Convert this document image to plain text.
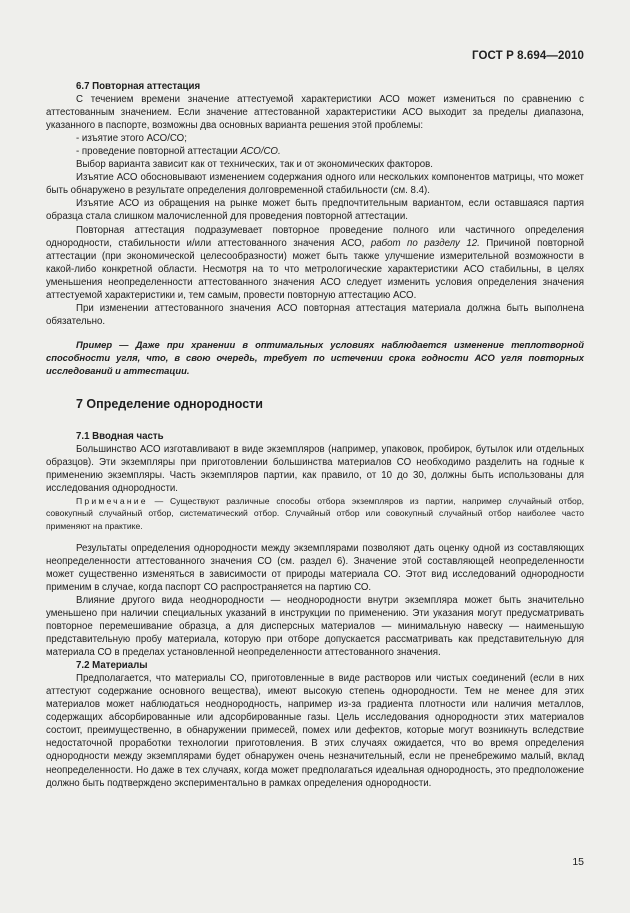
ГОСТ Р 8.694—2010

6.7 Повторная аттестация

С течением времени значение аттестуемой характеристики АСО может измениться по сравнению с аттестованным значением. Если значение аттестованной характеристики АСО выходит за пределы диапазона, указанного в паспорте, возможны два основных варианта решения этой проблемы:

- изъятие этого АСО/СО;

- проведение повторной аттестации АСО/СО.

Выбор варианта зависит как от технических, так и от экономических факторов.

Изъятие АСО обосновывают изменением содержания одного или нескольких компонентов матрицы, что может быть обнаружено в результате определения долговременной стабильности (см. 8.4).

Изъятие АСО из обращения на рынке может быть предпочтительным вариантом, если оставшаяся партия образца стала слишком малочисленной для проведения повторной аттестации.

Повторная аттестация подразумевает повторное проведение полного или частичного определения однородности, стабильности и/или аттестованного значения АСО, работ по разделу 12. Причиной повторной аттестации (при экономической целесообразности) может быть также улучшение измерительной возможности в какой-либо конкретной области. Несмотря на то что метрологические характеристики АСО стабильны, в целях уменьшения неопределенности аттестованного значения АСО следует изменить условия определения значения аттестуемой характеристики и, тем самым, провести повторную аттестацию АСО.

При изменении аттестованного значения АСО повторная аттестация материала должна быть выполнена обязательно.

Пример — Даже при хранении в оптимальных условиях наблюдается изменение теплотворной способности угля, что, в свою очередь, требует по истечении срока годности АСО угля повторных исследований и аттестации.

7 Определение однородности

7.1 Вводная часть

Большинство АСО изготавливают в виде экземпляров (например, упаковок, пробирок, бутылок или отдельных образцов). Эти экземпляры при приготовлении большинства материалов СО необходимо разделить на годные к применению экземпляры. Часть экземпляров партии, как правило, от 10 до 30, должны быть использованы для исследования однородности.

Примечание — Существуют различные способы отбора экземпляров из партии, например случайный отбор, совокупный случайный отбор, систематический отбор. Случайный отбор или совокупный случайный отбор наиболее часто применяют на практике.

Результаты определения однородности между экземплярами позволяют дать оценку одной из составляющих неопределенности аттестованного значения СО (см. раздел 6). Значение этой составляющей неопределенности может существенно изменяться в зависимости от природы материала СО. Этот вид исследований однородности применим в случае, когда паспорт СО распространяется на партию СО.

Влияние другого вида неоднородности — неоднородности внутри экземпляра может быть значительно уменьшено при наличии специальных указаний в инструкции по применению. Эти указания могут предусматривать повторное перемешивание образца, а для дисперсных материалов — минимальную навеску — наименьшую представительную пробу материала, которую при отборе допускается рассматривать как представительную для материала СО в пределах установленной неопределенности аттестованного значения.

7.2 Материалы

Предполагается, что материалы СО, приготовленные в виде растворов или чистых соединений (если в них аттестуют содержание основного вещества), имеют высокую степень однородности. Тем не менее для этих материалов может наблюдаться неоднородность, например из-за градиента плотности или наличия металлов, содержащих абсорбированные или адсорбированные газы. Цель исследования однородности этих материалов состоит, преимущественно, в обнаружении примесей, помех или дефектов, которые могут возникнуть вследствие недостаточной проработки технологии приготовления. В этих случаях ожидается, что во время определения однородности между экземплярами будет обнаружен очень незначительный, если не пренебрежимо малый, вклад неопределенности. Но даже в тех случаях, когда может предполагаться идеальная однородность, это предположение должно быть подтверждено экспериментально в рамках определения однородности.

15
